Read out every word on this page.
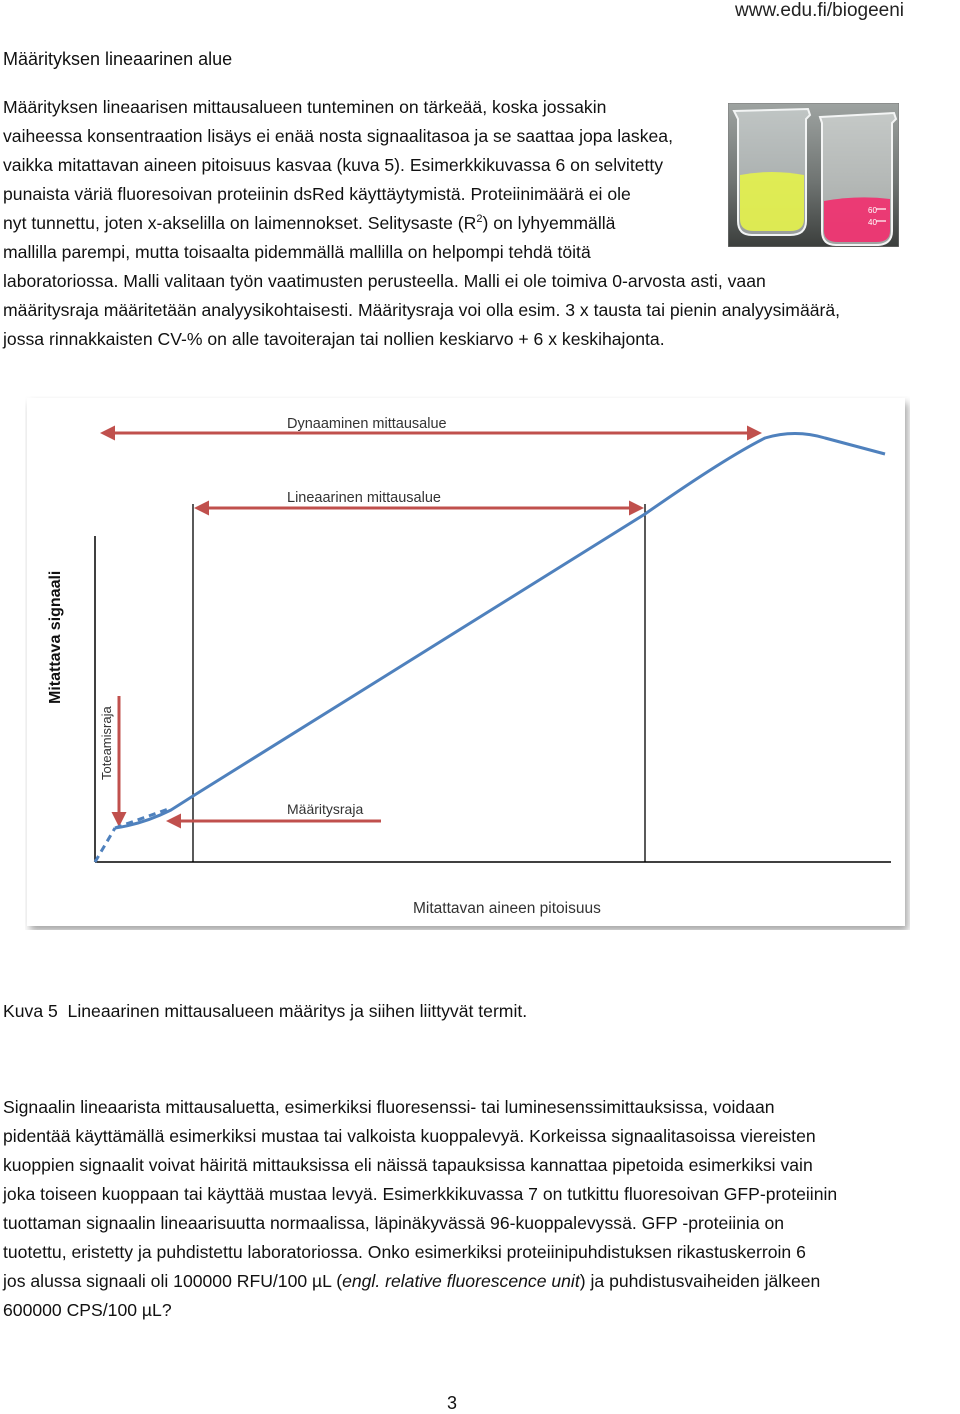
www.edu.fi/biogeeni
Määrityksen lineaarinen alue

Määrityksen lineaarisen mittausalueen tunteminen on tärkeää, koska jossakin
vaiheessa konsentraation lisäys ei enää nosta signaalitasoa ja se saattaa jopa laskea,
vaikka mitattavan aineen pitoisuus kasvaa (kuva 5). Esimerkkikuvassa 6 on selvitetty
punaista väriä fluoresoivan proteiinin dsRed käyttäytymistä. Proteiinimäärä ei ole
nyt tunnettu, joten x-akselilla on laimennokset. Selitysaste $(R^2)$ on lyhyemmällä
mallilla parempi, mutta toisaalta pidemmällä mallilla on helpompi tehdä töitä
laboratoriossa. Malli valitaan työn vaatimusten perusteella. Malli ei ole toimiva 0-arvosta asti, vaan
määritysraja määritetään analyysikohtaisesti. Määritysraja voi olla esim. 3 x tausta tai pienin analyysimäärä,
jossa rinnakkaisten CV-% on alle tavoiterajan tai nollien keskiarvo + 6 x keskihajonta.

60
40
Dynaaminen mittausalue
Lineaarinen mittausalue
Mitattava signaali
Toteamisraja
Määritysraja
Mitattavan aineen pitoisuus
Kuva 5  Lineaarinen mittausalueen määritys ja siihen liittyvät termit.

Signaalin lineaarista mittausaluetta, esimerkiksi fluoresenssi- tai luminesenssimittauksissa, voidaan
pidentää käyttämällä esimerkiksi mustaa tai valkoista kuoppalevyä. Korkeissa signaalitasoissa viereisten
kuoppien signaalit voivat häiritä mittauksissa eli näissä tapauksissa kannattaa pipetoida esimerkiksi vain
joka toiseen kuoppaan tai käyttää mustaa levyä. Esimerkkikuvassa 7 on tutkittu fluoresoivan GFP-proteiinin
tuottaman signaalin lineaarisuutta normaalissa, läpinäkyvässä 96-kuoppalevyssä. GFP -proteiinia on
tuotettu, eristetty ja puhdistettu laboratoriossa. Onko esimerkiksi proteiinipuhdistuksen rikastuskerroin 6
jos alussa signaali oli 100000 RFU/100 µL (engl. relative fluorescence unit) ja puhdistusvaiheiden jälkeen
600000 CPS/100 µL?

3
